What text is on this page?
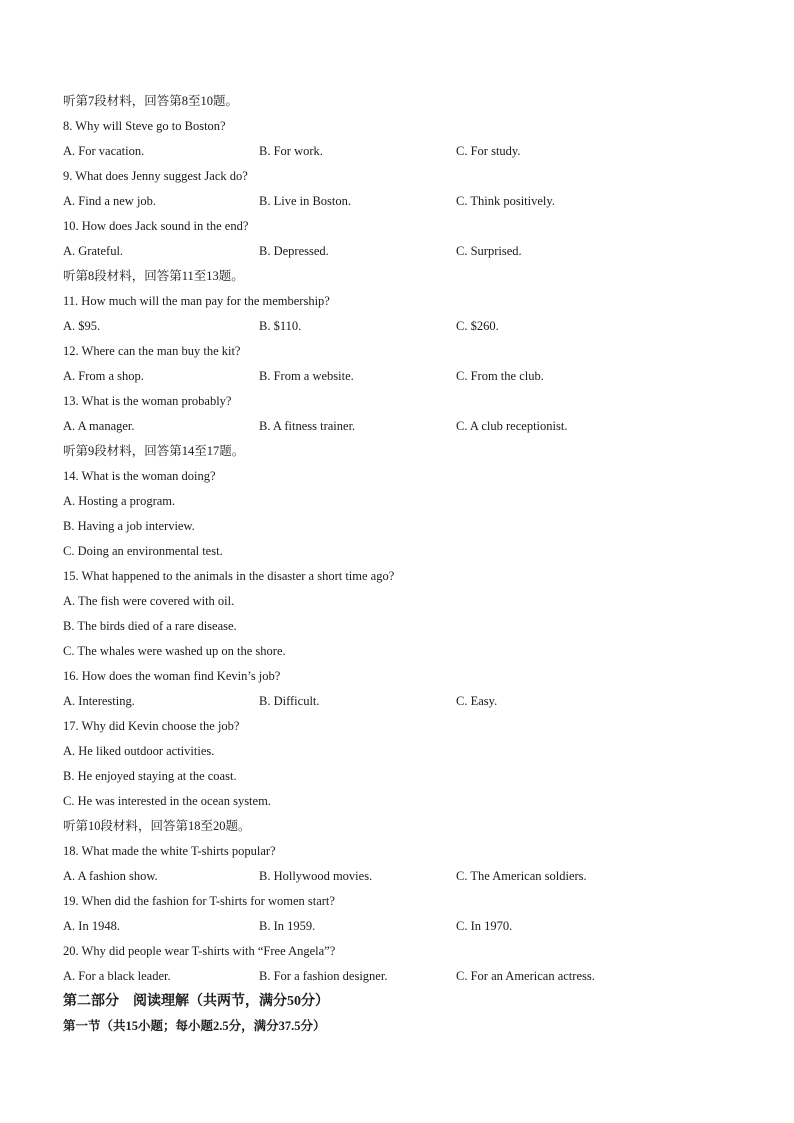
听第7段材料，回答第8至10题。
8. Why will Steve go to Boston?
A. For vacation.	B. For work.	C. For study.
9. What does Jenny suggest Jack do?
A. Find a new job.	B. Live in Boston.	C. Think positively.
10. How does Jack sound in the end?
A. Grateful.	B. Depressed.	C. Surprised.
听第8段材料，回答第11至13题。
11. How much will the man pay for the membership?
A. $95.	B. $110.	C. $260.
12. Where can the man buy the kit?
A. From a shop.	B. From a website.	C. From the club.
13. What is the woman probably?
A. A manager.	B. A fitness trainer.	C. A club receptionist.
听第9段材料，回答第14至17题。
14. What is the woman doing?
A. Hosting a program.
B. Having a job interview.
C. Doing an environmental test.
15. What happened to the animals in the disaster a short time ago?
A. The fish were covered with oil.
B. The birds died of a rare disease.
C. The whales were washed up on the shore.
16. How does the woman find Kevin’s job?
A. Interesting.	B. Difficult.	C. Easy.
17. Why did Kevin choose the job?
A. He liked outdoor activities.
B. He enjoyed staying at the coast.
C. He was interested in the ocean system.
听第10段材料，回答第18至20题。
18. What made the white T-shirts popular?
A. A fashion show.	B. Hollywood movies.	C. The American soldiers.
19. When did the fashion for T-shirts for women start?
A. In 1948.	B. In 1959.	C. In 1970.
20. Why did people wear T-shirts with “Free Angela”?
A. For a black leader.	B. For a fashion designer.	C. For an American actress.
第二部分　阅读理解（共两节，满分50分）
第一节（共15小题；每小题2.5分，满分37.5分）
